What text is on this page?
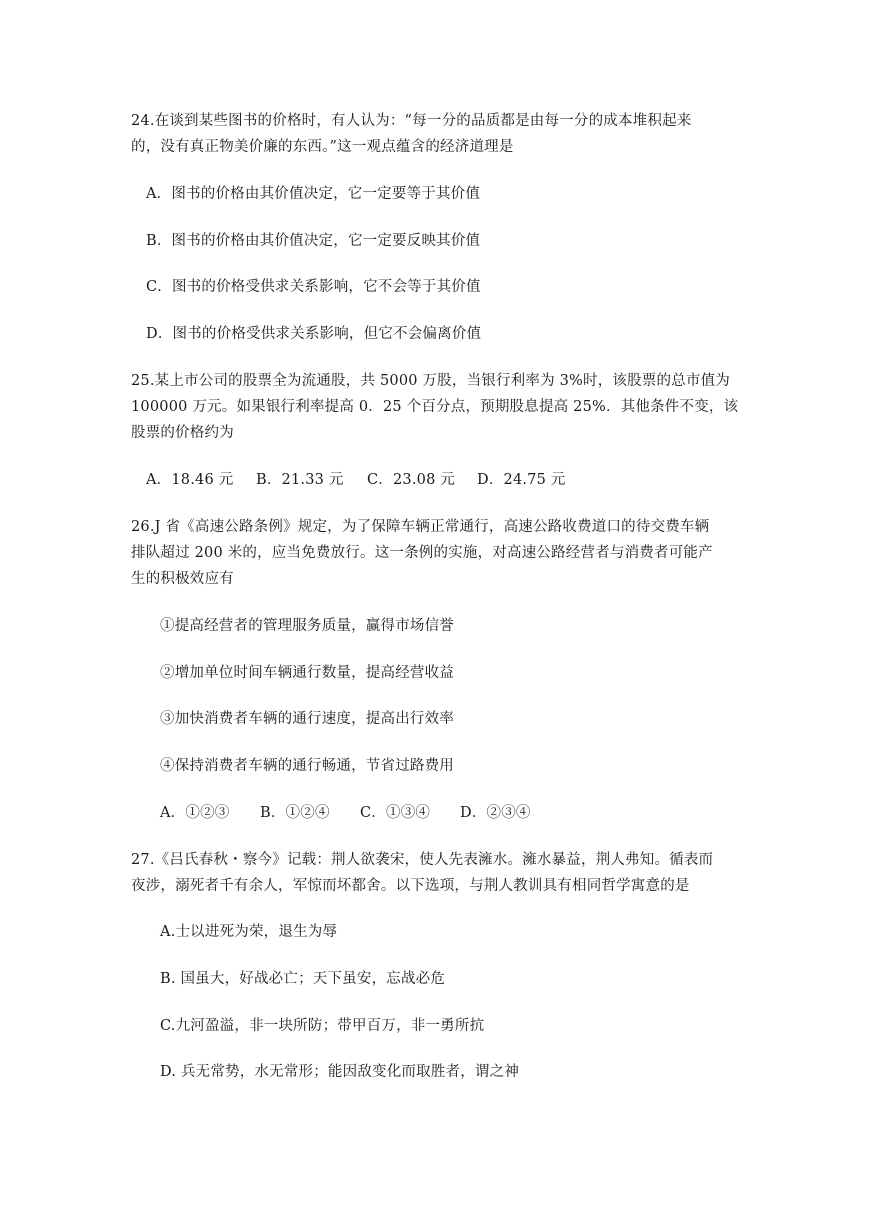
24.在谈到某些图书的价格时，有人认为：“每一分的品质都是由每一分的成本堆积起来
的，没有真正物美价廉的东西。”这一观点蕴含的经济道理是
A．图书的价格由其价值决定，它一定要等于其价值
B．图书的价格由其价值决定，它一定要反映其价值
C．图书的价格受供求关系影响，它不会等于其价值
D．图书的价格受供求关系影响，但它不会偏离价值
25.某上市公司的股票全为流通股，共 5000 万股，当银行利率为 3%时，该股票的总市值为
100000 万元。如果银行利率提高 0．25 个百分点，预期股息提高 25%．其他条件不变，该
股票的价格约为
A．18.46 元 B．21.33 元 C．23.08 元 D．24.75 元
26.J 省《高速公路条例》规定，为了保障车辆正常通行，高速公路收费道口的待交费车辆
排队超过 200 米的，应当免费放行。这一条例的实施，对高速公路经营者与消费者可能产
生的积极效应有
①提高经营者的管理服务质量，赢得市场信誉
②增加单位时间车辆通行数量，提高经营收益
③加快消费者车辆的通行速度，提高出行效率
④保持消费者车辆的通行畅通，节省过路费用
A．①②③ B．①②④ C．①③④ D．②③④
27.《吕氏春秋・察今》记载：荆人欲袭宋，使人先表澭水。澭水暴益，荆人弗知。循表而
夜涉，溺死者千有余人，军惊而坏都舍。以下选项，与荆人教训具有相同哲学寓意的是
A.士以进死为荣，退生为辱
B. 国虽大，好战必亡；天下虽安，忘战必危
C.九河盈溢，非一块所防；带甲百万，非一勇所抗
D. 兵无常势，水无常形；能因敌变化而取胜者，谓之神
